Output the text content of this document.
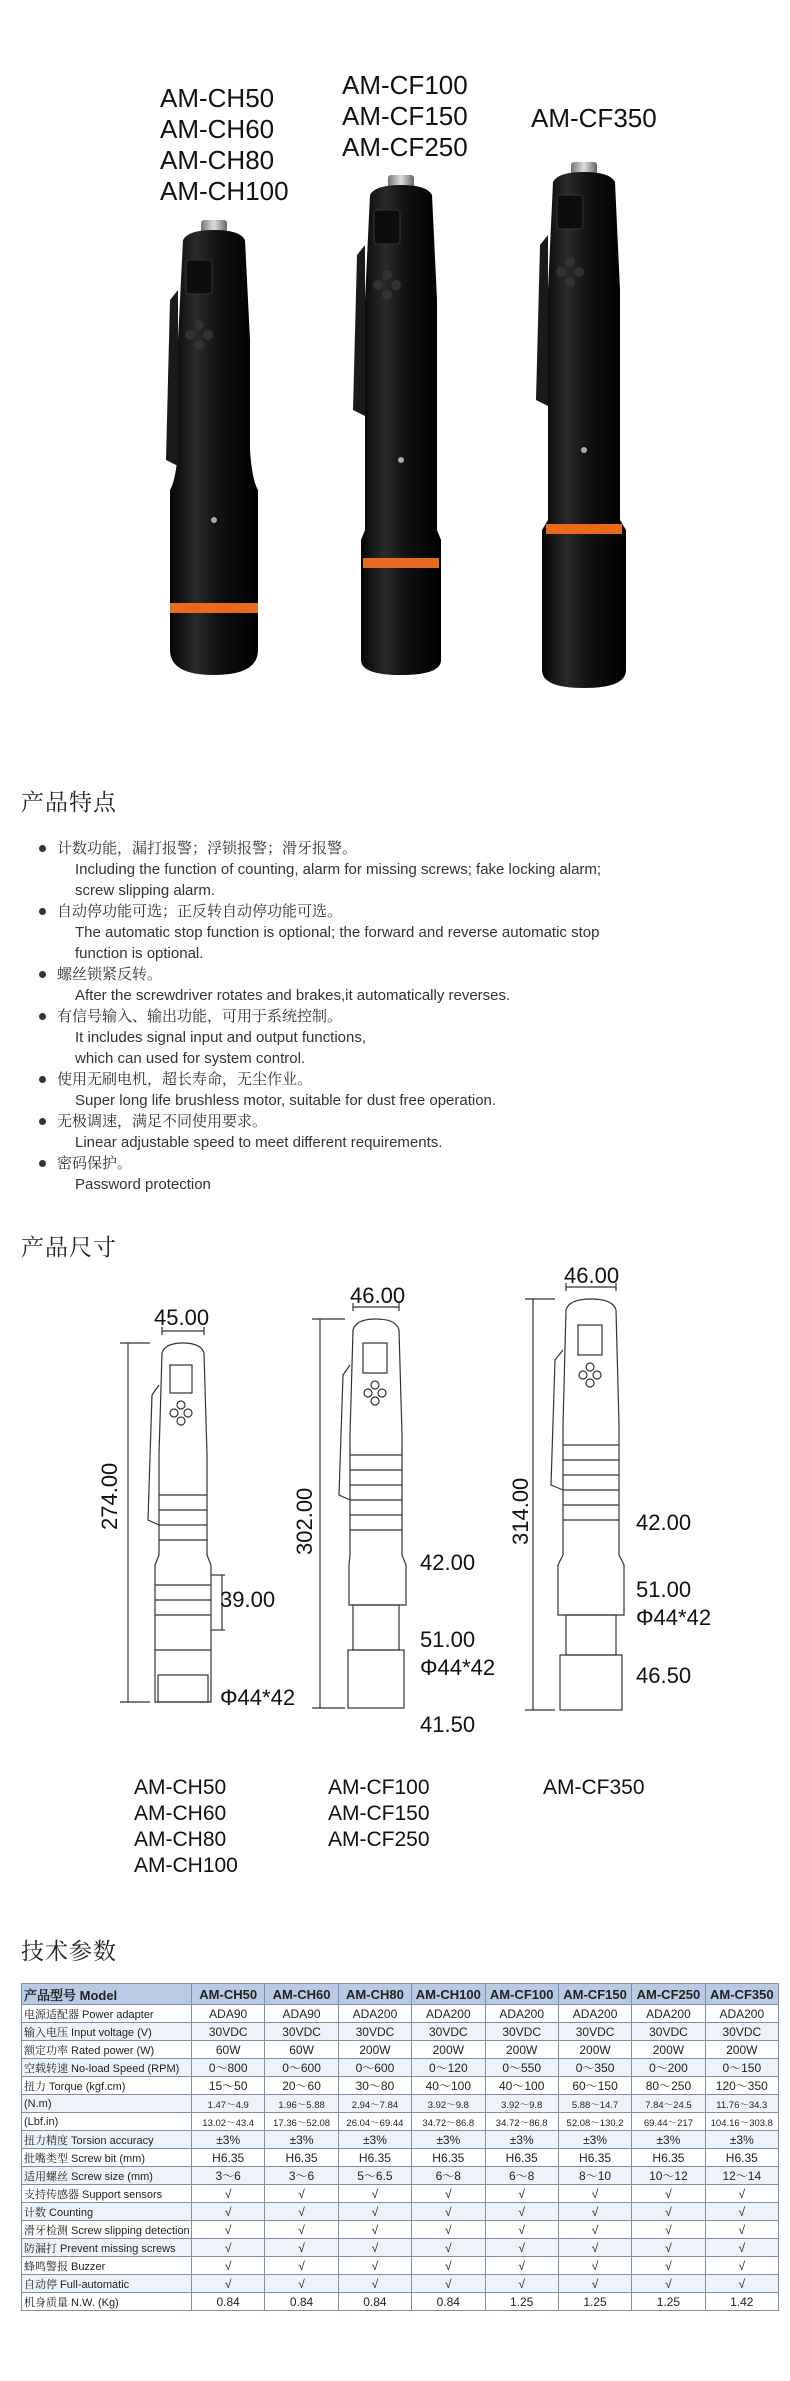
AM-CH50
AM-CH60
AM-CH80
AM-CH100
AM-CF100
AM-CF150
AM-CF250
AM-CF350
产品特点
计数功能，漏打报警；浮锁报警；滑牙报警。
Including the function of counting, alarm for missing screws; fake locking alarm;
screw slipping alarm.
自动停功能可选；正反转自动停功能可选。
The automatic stop function is optional; the forward and reverse automatic stop
function is optional.
螺丝锁紧反转。
After the screwdriver rotates and brakes,it automatically reverses.
有信号输入、输出功能，可用于系统控制。
It includes signal input and output functions,
which can used for system control.
使用无刷电机，超长寿命，无尘作业。
Super long life brushless motor, suitable for dust free operation.
无极调速，满足不同使用要求。
Linear adjustable speed to meet different requirements.
密码保护。
Password protection
产品尺寸
45.00
274.00
39.00
Φ44*42
46.00
302.00
42.00
51.00
Φ44*42
41.50
46.00
314.00	42.00
51.00
Φ44*42
46.50
AM-CH50
AM-CH60
AM-CH80
AM-CH100
AM-CF100
AM-CF150
AM-CF250
AM-CF350
技术参数
产品型号 Model	AM-CH50	AM-CH60	AM-CH80	AM-CH100	AM-CF100	AM-CF150	AM-CF250	AM-CF350
电源适配器 Power adapter	ADA90	ADA90	ADA200	ADA200	ADA200	ADA200	ADA200	ADA200
输入电压 Input voltage (V)	30VDC	30VDC	30VDC	30VDC	30VDC	30VDC	30VDC	30VDC
额定功率 Rated power (W)	60W	60W	200W	200W	200W	200W	200W	200W
空载转速 No-load Speed (RPM)	0～800	0～600	0～600	0～120	0～550	0～350	0～200	0～150
扭力 Torque (kgf.cm)	15～50	20～60	30～80	40～100	40～100	60～150	80～250	120～350
(N.m)	1.47～4.9	1.96～5.88	2.94～7.84	3.92～9.8	3.92～9.8	5.88～14.7	7.84～24.5	11.76～34.3
(Lbf.in)	13.02～43.4	17.36～52.08	26.04～69.44	34.72～86.8	34.72～86.8	52.08～130.2	69.44～217	104.16～303.8
扭力精度 Torsion accuracy	±3%	±3%	±3%	±3%	±3%	±3%	±3%	±3%
批嘴类型 Screw bit (mm)	H6.35	H6.35	H6.35	H6.35	H6.35	H6.35	H6.35	H6.35
适用螺丝 Screw size (mm)	3～6	3～6	5～6.5	6～8	6～8	8～10	10～12	12～14
支持传感器 Support sensors	√	√	√	√	√	√	√	√
计数 Counting	√	√	√	√	√	√	√	√
滑牙检测 Screw slipping detection	√	√	√	√	√	√	√	√
防漏打 Prevent missing screws	√	√	√	√	√	√	√	√
蜂鸣警报 Buzzer	√	√	√	√	√	√	√	√
自动停 Full-automatic	√	√	√	√	√	√	√	√
机身质量 N.W. (Kg)	0.84	0.84	0.84	0.84	1.25	1.25	1.25	1.42
